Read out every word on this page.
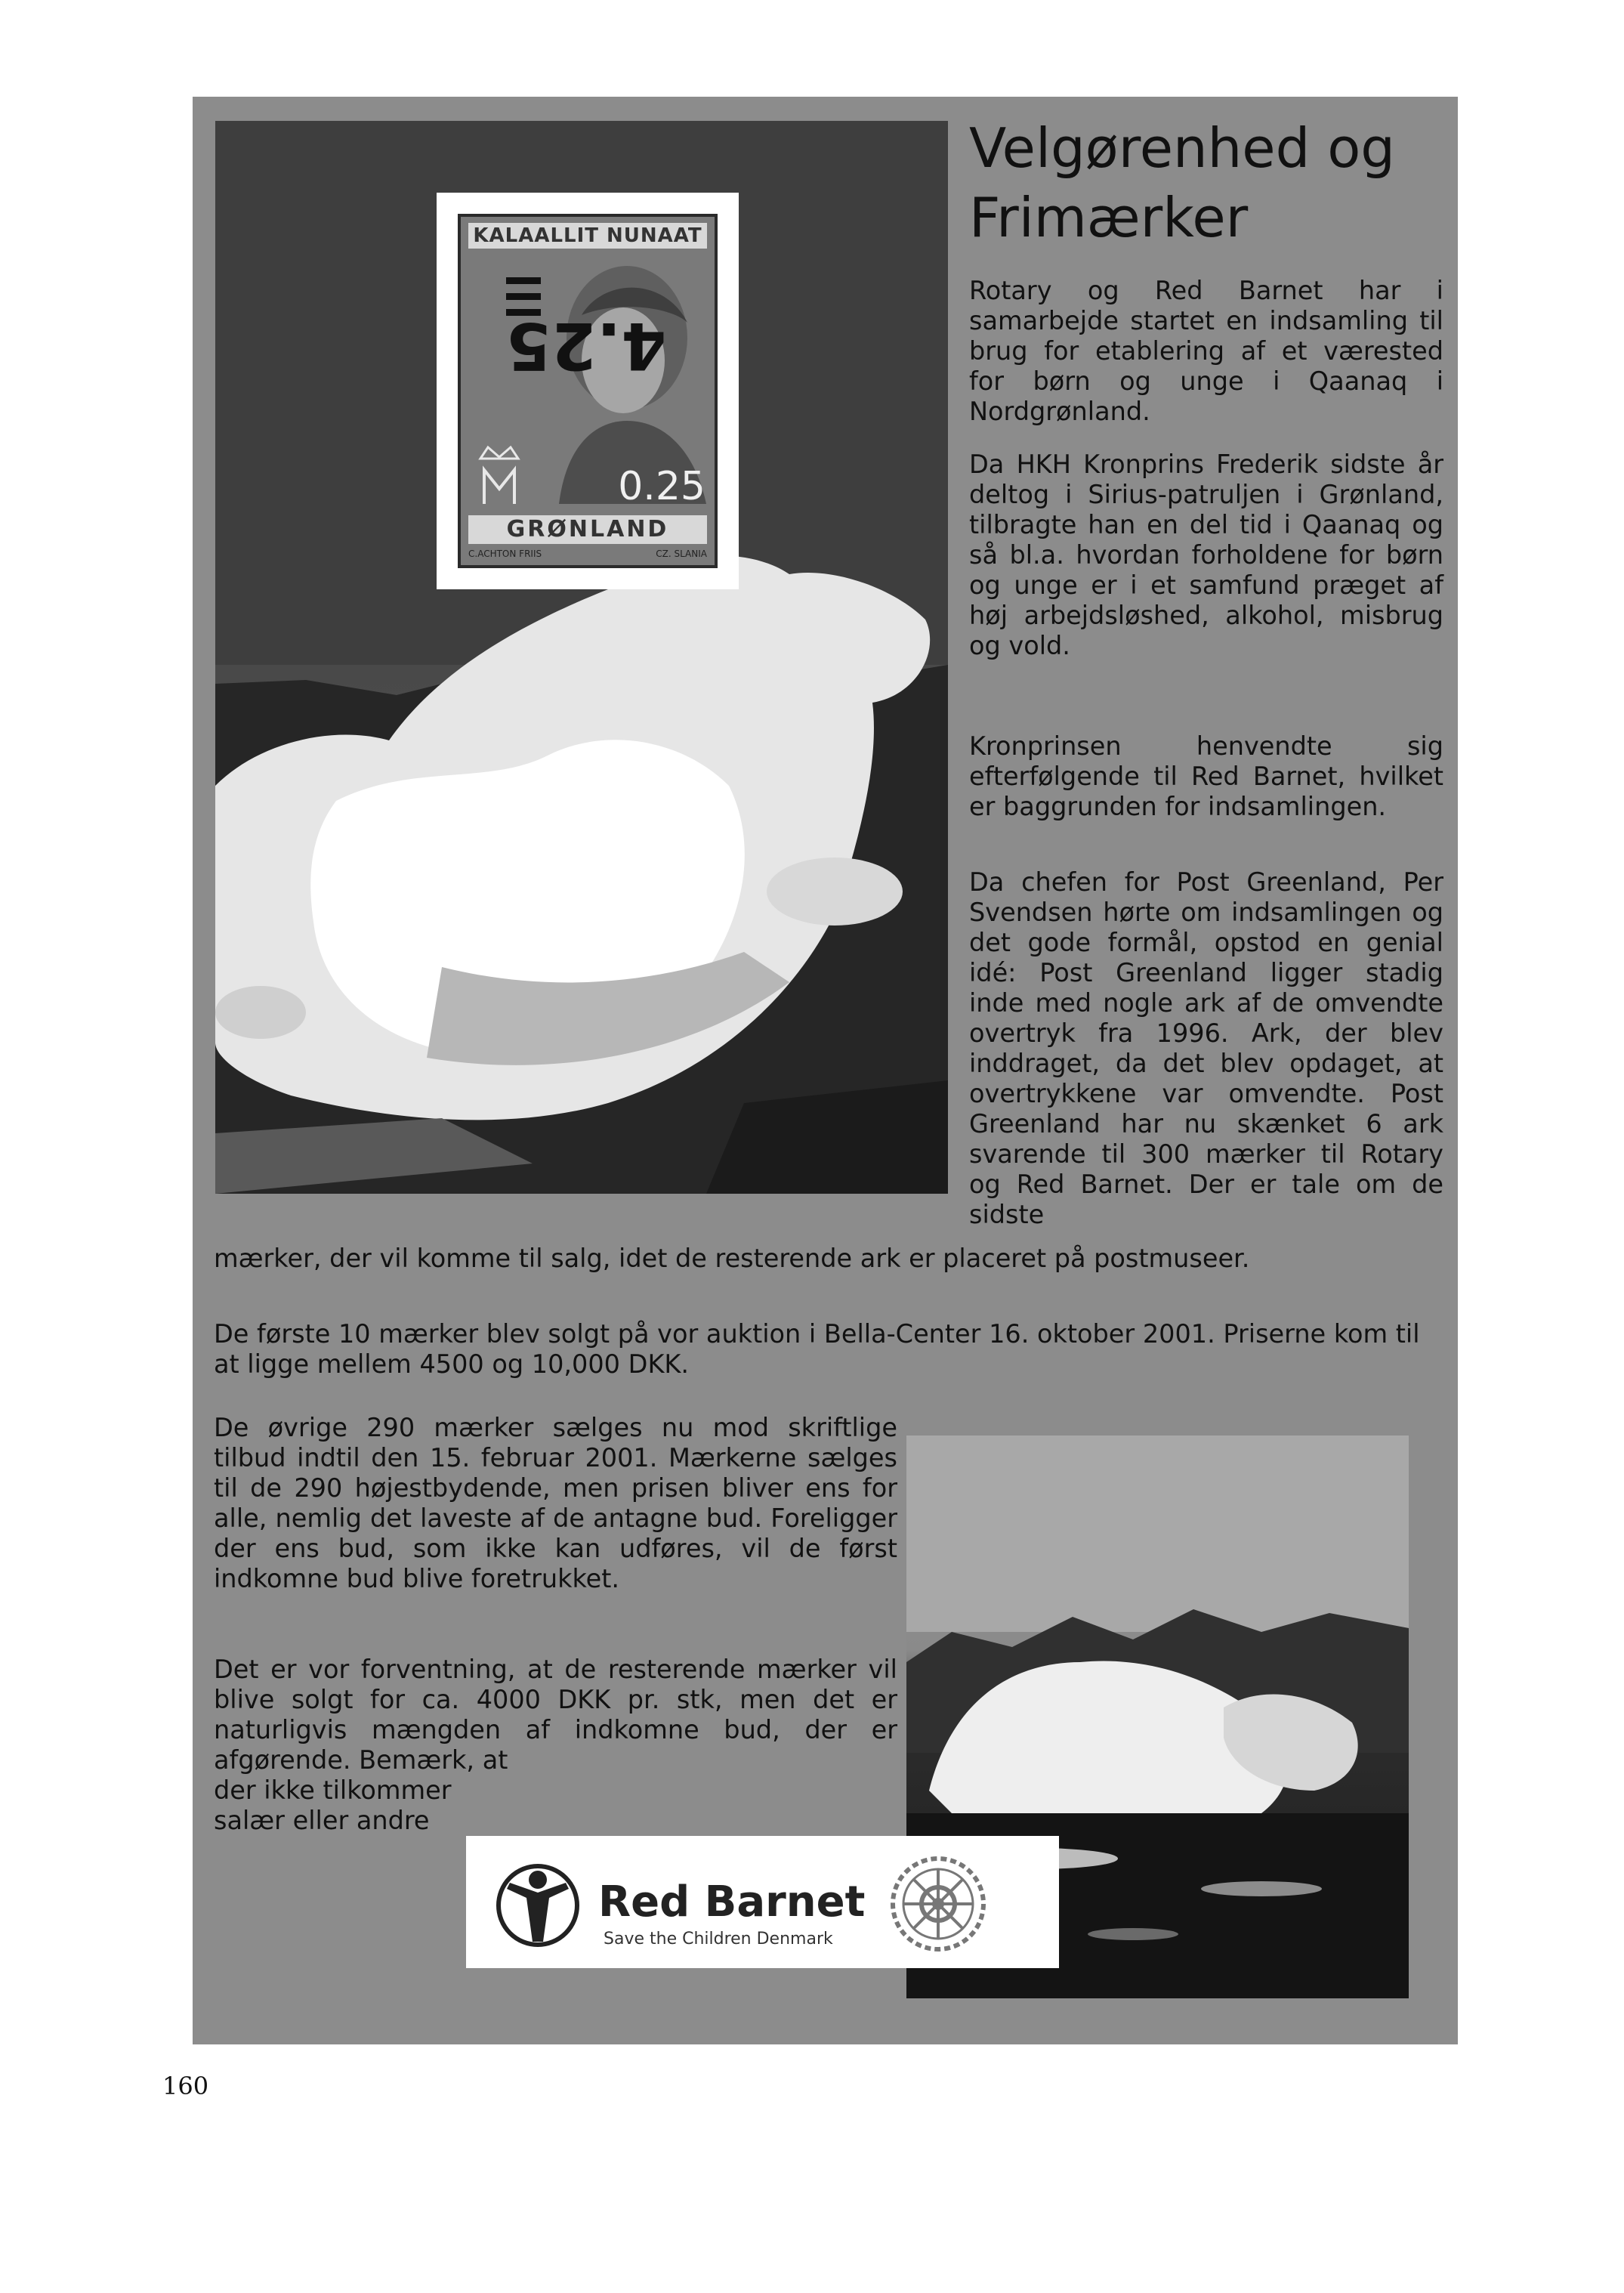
KALAALLIT NUNAAT
4.25
0.25
GRØNLAND
C.ACHTON FRIIS	CZ. SLANIA
Velgørenhed og
Frimærker
Rotary og Red Barnet har i samarbejde startet en indsamling til brug for etablering af et værested for børn og unge i Qaanaq i Nordgrønland.
Da HKH Kronprins Frederik sidste år deltog i Sirius-patruljen i Grønland, tilbragte han en del tid i Qaanaq og så bl.a. hvordan forholdene for børn og unge er i et samfund præget af høj arbejdsløshed, alkohol, misbrug og vold.
Kronprinsen henvendte sig efterfølgende til Red Barnet, hvilket er baggrunden for indsamlingen.
Da chefen for Post Greenland, Per Svendsen hørte om indsamlingen og det gode formål, opstod en genial idé: Post Greenland ligger stadig inde med nogle ark af de omvendte overtryk fra 1996. Ark, der blev inddraget, da det blev opdaget, at overtrykkene var omvendte. Post Greenland har nu skænket 6 ark svarende til 300 mærker til Rotary og Red Barnet. Der er tale om de sidste
mærker, der vil komme til salg, idet de resterende ark er placeret på postmuseer.
De første 10 mærker blev solgt på vor auktion i Bella-Center 16. oktober 2001. Priserne kom til at ligge mellem 4500 og 10,000 DKK.
De øvrige 290 mærker sælges nu mod skriftlige tilbud indtil den 15. februar 2001. Mærkerne sælges til de 290 højestbydende, men prisen bliver ens for alle, nemlig det laveste af de antagne bud. Foreligger der ens bud, som ikke kan udføres, vil de først indkomne bud blive foretrukket.
Det er vor forventning, at de resterende mærker vil blive solgt for ca. 4000 DKK pr. stk, men det er naturligvis mængden af indkomne bud, der er afgørende. Bemærk, at
der ikke tilkommer salær eller andre
Red Barnet
Save the Children Denmark
160
